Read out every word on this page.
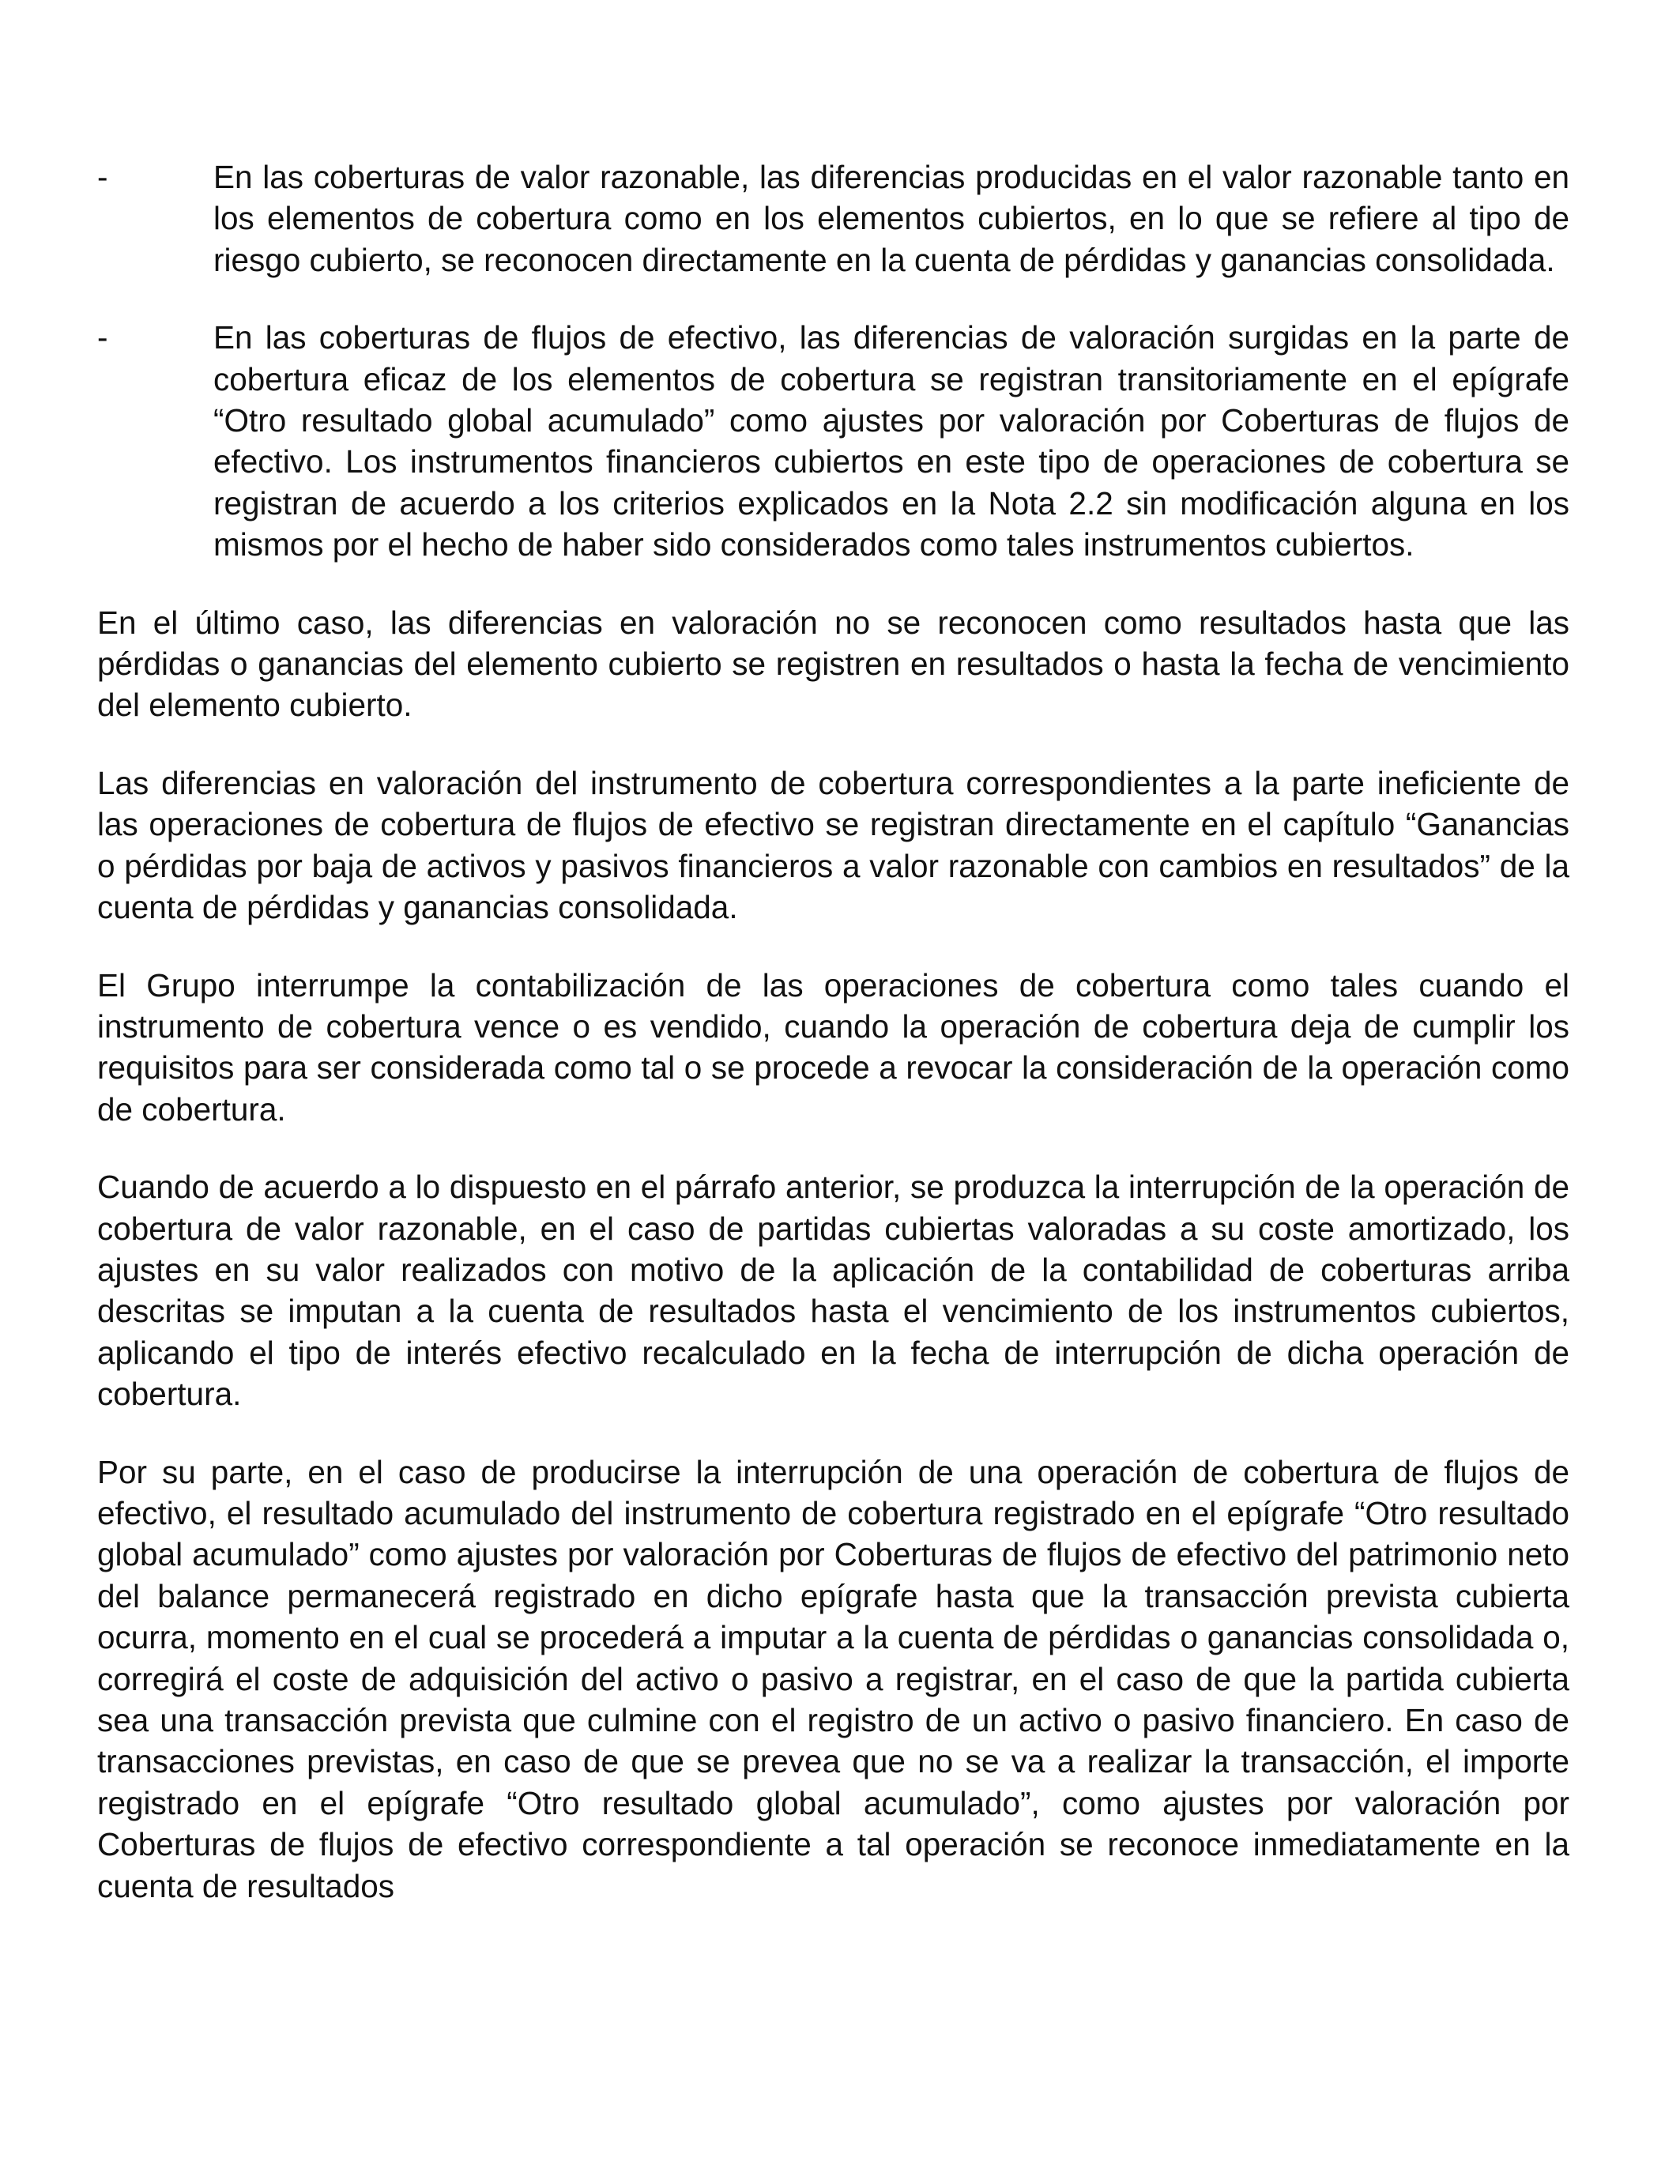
-	En las coberturas de valor razonable, las diferencias producidas en el valor razonable tanto en los elementos de cobertura como en los elementos cubiertos, en lo que se refiere al tipo de riesgo cubierto, se reconocen directamente en la cuenta de pérdidas y ganancias consolidada.
-	En las coberturas de flujos de efectivo, las diferencias de valoración surgidas en la parte de cobertura eficaz de los elementos de cobertura se registran transitoriamente en el epígrafe “Otro resultado global acumulado” como ajustes por valoración por Coberturas de flujos de efectivo. Los instrumentos financieros cubiertos en este tipo de operaciones de cobertura se registran de acuerdo a los criterios explicados en la Nota 2.2 sin modificación alguna en los mismos por el hecho de haber sido considerados como tales instrumentos cubiertos.

En el último caso, las diferencias en valoración no se reconocen como resultados hasta que las pérdidas o ganancias del elemento cubierto se registren en resultados o hasta la fecha de vencimiento del elemento cubierto.

Las diferencias en valoración del instrumento de cobertura correspondientes a la parte ineficiente de las operaciones de cobertura de flujos de efectivo se registran directamente en el capítulo “Ganancias o pérdidas por baja de activos y pasivos financieros a valor razonable con cambios en resultados” de la cuenta de pérdidas y ganancias consolidada.

El Grupo interrumpe la contabilización de las operaciones de cobertura como tales cuando el instrumento de cobertura vence o es vendido, cuando la operación de cobertura deja de cumplir los requisitos para ser considerada como tal o se procede a revocar la consideración de la operación como de cobertura.

Cuando de acuerdo a lo dispuesto en el párrafo anterior, se produzca la interrupción de la operación de cobertura de valor razonable, en el caso de partidas cubiertas valoradas a su coste amortizado, los ajustes en su valor realizados con motivo de la aplicación de la contabilidad de coberturas arriba descritas se imputan a la cuenta de resultados hasta el vencimiento de los instrumentos cubiertos, aplicando el tipo de interés efectivo recalculado en la fecha de interrupción de dicha operación de cobertura.

Por su parte, en el caso de producirse la interrupción de una operación de cobertura de flujos de efectivo, el resultado acumulado del instrumento de cobertura registrado en el epígrafe “Otro resultado global acumulado” como ajustes por valoración por Coberturas de flujos de efectivo del patrimonio neto del balance permanecerá registrado en dicho epígrafe hasta que la transacción prevista cubierta ocurra, momento en el cual se procederá a imputar a la cuenta de pérdidas o ganancias consolidada o, corregirá el coste de adquisición del activo o pasivo a registrar, en el caso de que la partida cubierta sea una transacción prevista que culmine con el registro de un activo o pasivo financiero. En caso de transacciones previstas, en caso de que se prevea que no se va a realizar la transacción, el importe registrado en el epígrafe “Otro resultado global acumulado”, como ajustes por valoración por Coberturas de flujos de efectivo correspondiente a tal operación se reconoce inmediatamente en la cuenta de resultados
